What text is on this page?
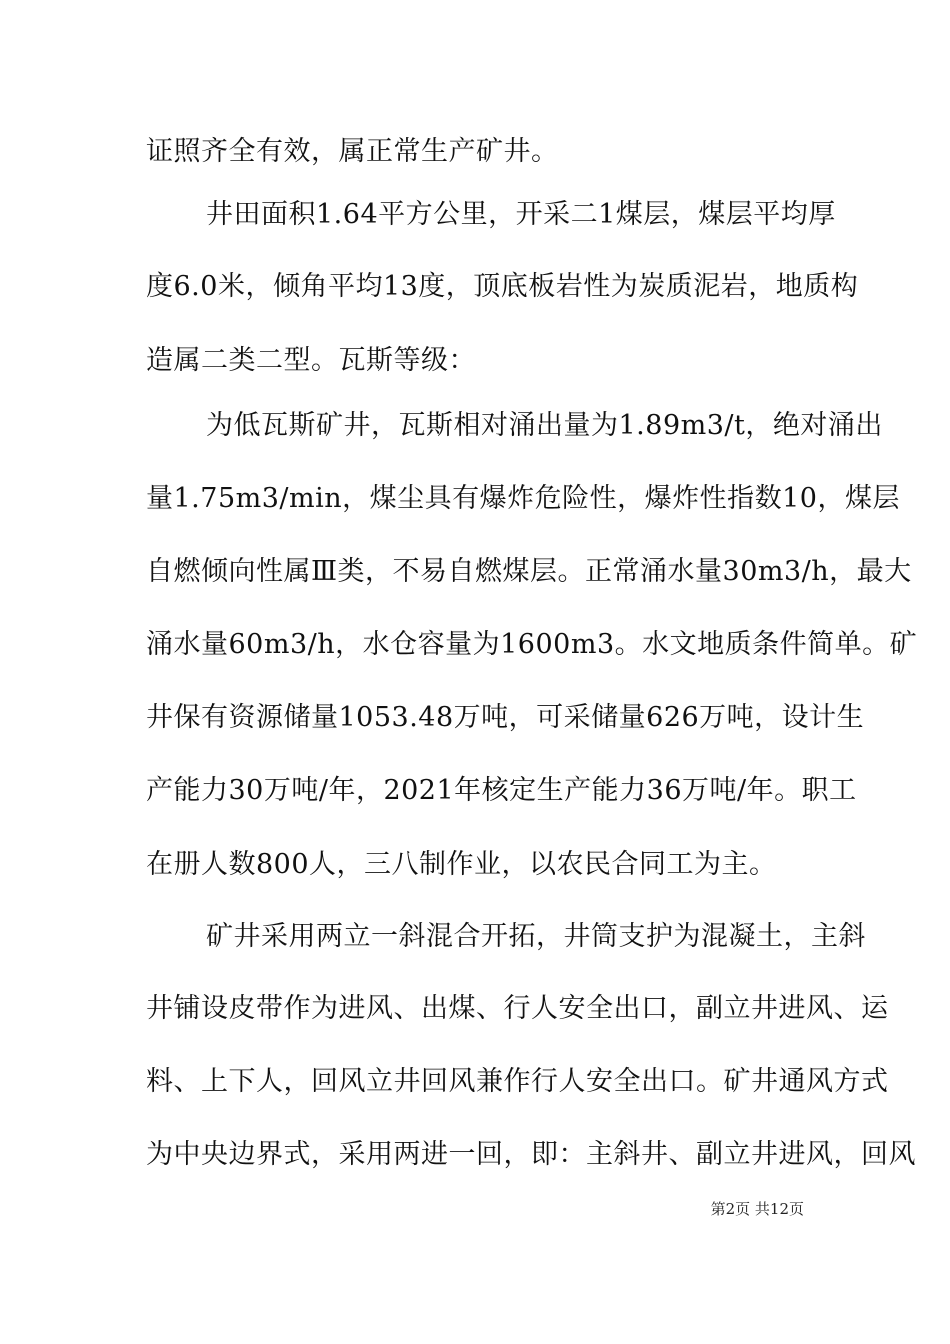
证照齐全有效，属正常生产矿井。
井田面积1.64平方公里，开采二1煤层，煤层平均厚
度6.0米，倾角平均13度，顶底板岩性为炭质泥岩，地质构
造属二类二型。瓦斯等级：
为低瓦斯矿井，瓦斯相对涌出量为1.89m3/t，绝对涌出
量1.75m3/min，煤尘具有爆炸危险性，爆炸性指数10，煤层
自燃倾向性属Ⅲ类，不易自燃煤层。正常涌水量30m3/h，最大
涌水量60m3/h，水仓容量为1600m3。水文地质条件简单。矿
井保有资源储量1053.48万吨，可采储量626万吨，设计生
产能力30万吨/年，2021年核定生产能力36万吨/年。职工
在册人数800人，三八制作业，以农民合同工为主。
矿井采用两立一斜混合开拓，井筒支护为混凝土，主斜
井铺设皮带作为进风、出煤、行人安全出口，副立井进风、运
料、上下人，回风立井回风兼作行人安全出口。矿井通风方式
为中央边界式，采用两进一回，即：主斜井、副立井进风，回风
第2页 共12页
